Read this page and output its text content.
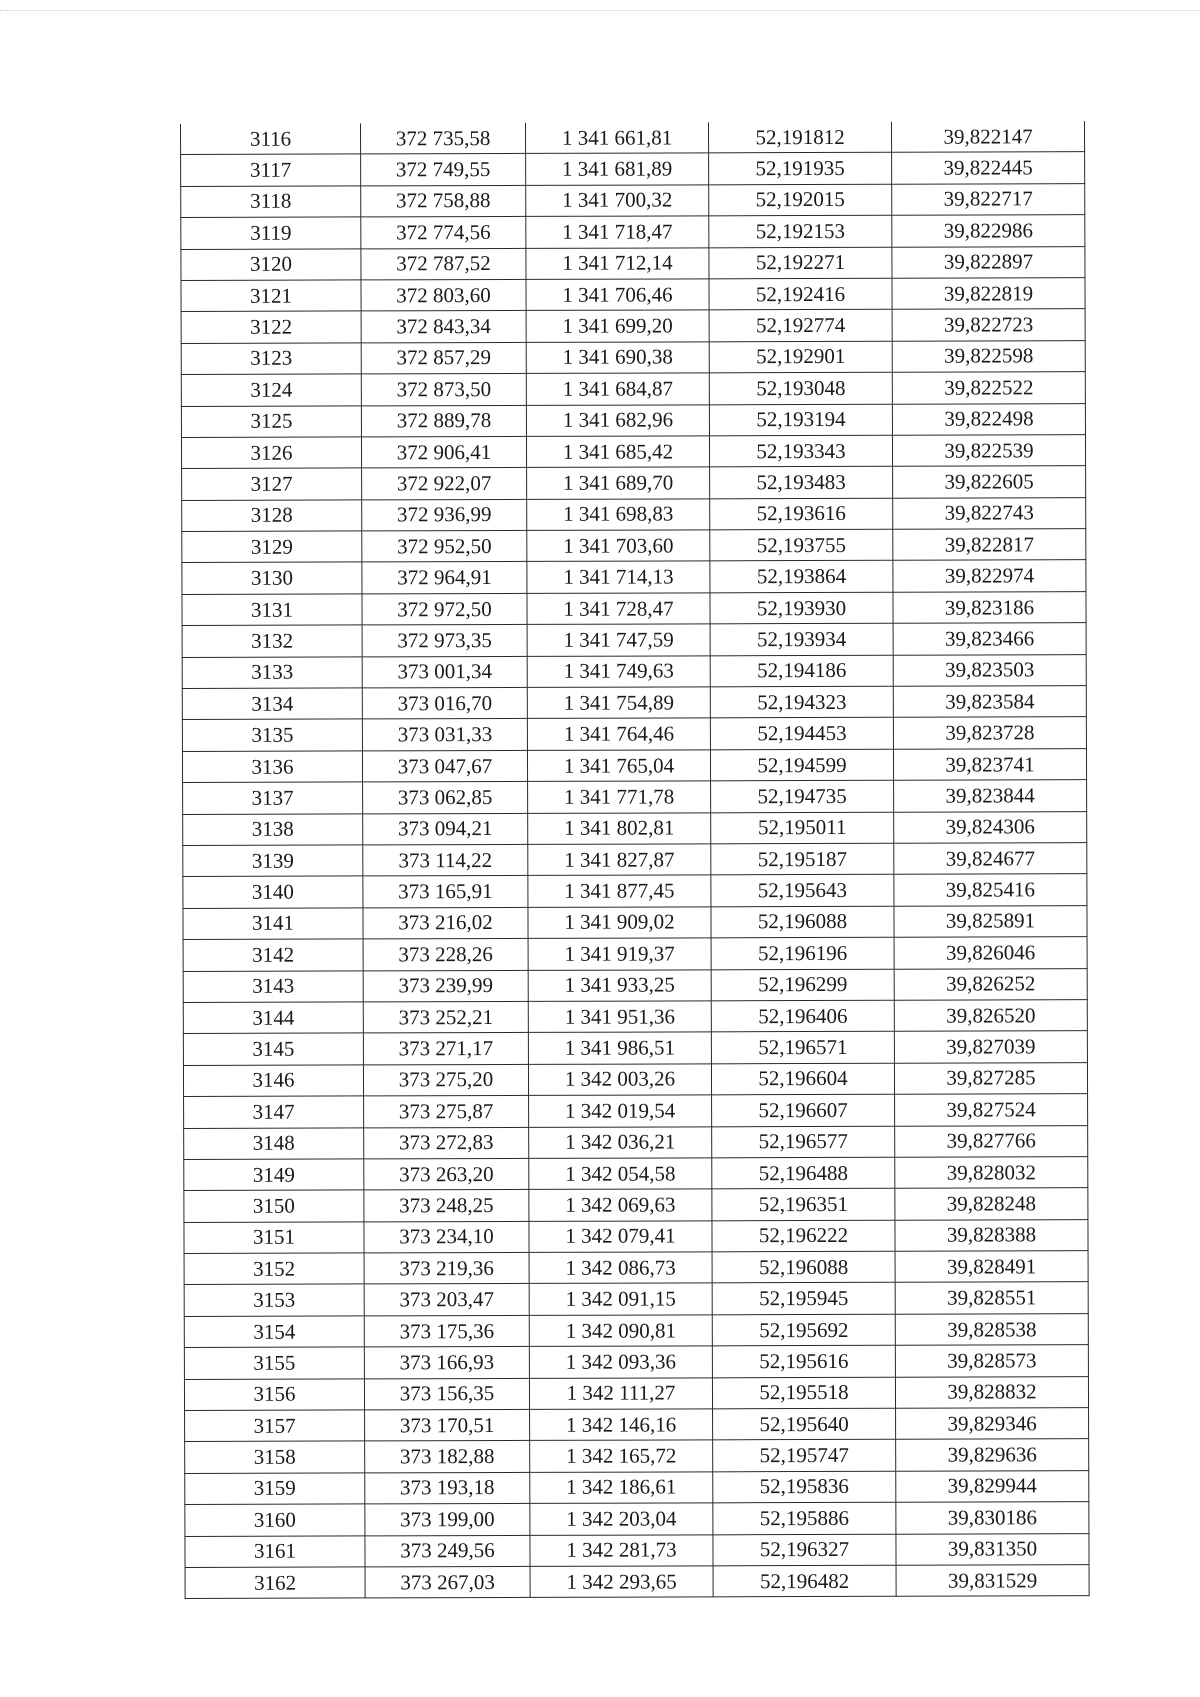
3116	372 735,58	1 341 661,81	52,191812	39,822147
3117	372 749,55	1 341 681,89	52,191935	39,822445
3118	372 758,88	1 341 700,32	52,192015	39,822717
3119	372 774,56	1 341 718,47	52,192153	39,822986
3120	372 787,52	1 341 712,14	52,192271	39,822897
3121	372 803,60	1 341 706,46	52,192416	39,822819
3122	372 843,34	1 341 699,20	52,192774	39,822723
3123	372 857,29	1 341 690,38	52,192901	39,822598
3124	372 873,50	1 341 684,87	52,193048	39,822522
3125	372 889,78	1 341 682,96	52,193194	39,822498
3126	372 906,41	1 341 685,42	52,193343	39,822539
3127	372 922,07	1 341 689,70	52,193483	39,822605
3128	372 936,99	1 341 698,83	52,193616	39,822743
3129	372 952,50	1 341 703,60	52,193755	39,822817
3130	372 964,91	1 341 714,13	52,193864	39,822974
3131	372 972,50	1 341 728,47	52,193930	39,823186
3132	372 973,35	1 341 747,59	52,193934	39,823466
3133	373 001,34	1 341 749,63	52,194186	39,823503
3134	373 016,70	1 341 754,89	52,194323	39,823584
3135	373 031,33	1 341 764,46	52,194453	39,823728
3136	373 047,67	1 341 765,04	52,194599	39,823741
3137	373 062,85	1 341 771,78	52,194735	39,823844
3138	373 094,21	1 341 802,81	52,195011	39,824306
3139	373 114,22	1 341 827,87	52,195187	39,824677
3140	373 165,91	1 341 877,45	52,195643	39,825416
3141	373 216,02	1 341 909,02	52,196088	39,825891
3142	373 228,26	1 341 919,37	52,196196	39,826046
3143	373 239,99	1 341 933,25	52,196299	39,826252
3144	373 252,21	1 341 951,36	52,196406	39,826520
3145	373 271,17	1 341 986,51	52,196571	39,827039
3146	373 275,20	1 342 003,26	52,196604	39,827285
3147	373 275,87	1 342 019,54	52,196607	39,827524
3148	373 272,83	1 342 036,21	52,196577	39,827766
3149	373 263,20	1 342 054,58	52,196488	39,828032
3150	373 248,25	1 342 069,63	52,196351	39,828248
3151	373 234,10	1 342 079,41	52,196222	39,828388
3152	373 219,36	1 342 086,73	52,196088	39,828491
3153	373 203,47	1 342 091,15	52,195945	39,828551
3154	373 175,36	1 342 090,81	52,195692	39,828538
3155	373 166,93	1 342 093,36	52,195616	39,828573
3156	373 156,35	1 342 111,27	52,195518	39,828832
3157	373 170,51	1 342 146,16	52,195640	39,829346
3158	373 182,88	1 342 165,72	52,195747	39,829636
3159	373 193,18	1 342 186,61	52,195836	39,829944
3160	373 199,00	1 342 203,04	52,195886	39,830186
3161	373 249,56	1 342 281,73	52,196327	39,831350
3162	373 267,03	1 342 293,65	52,196482	39,831529
